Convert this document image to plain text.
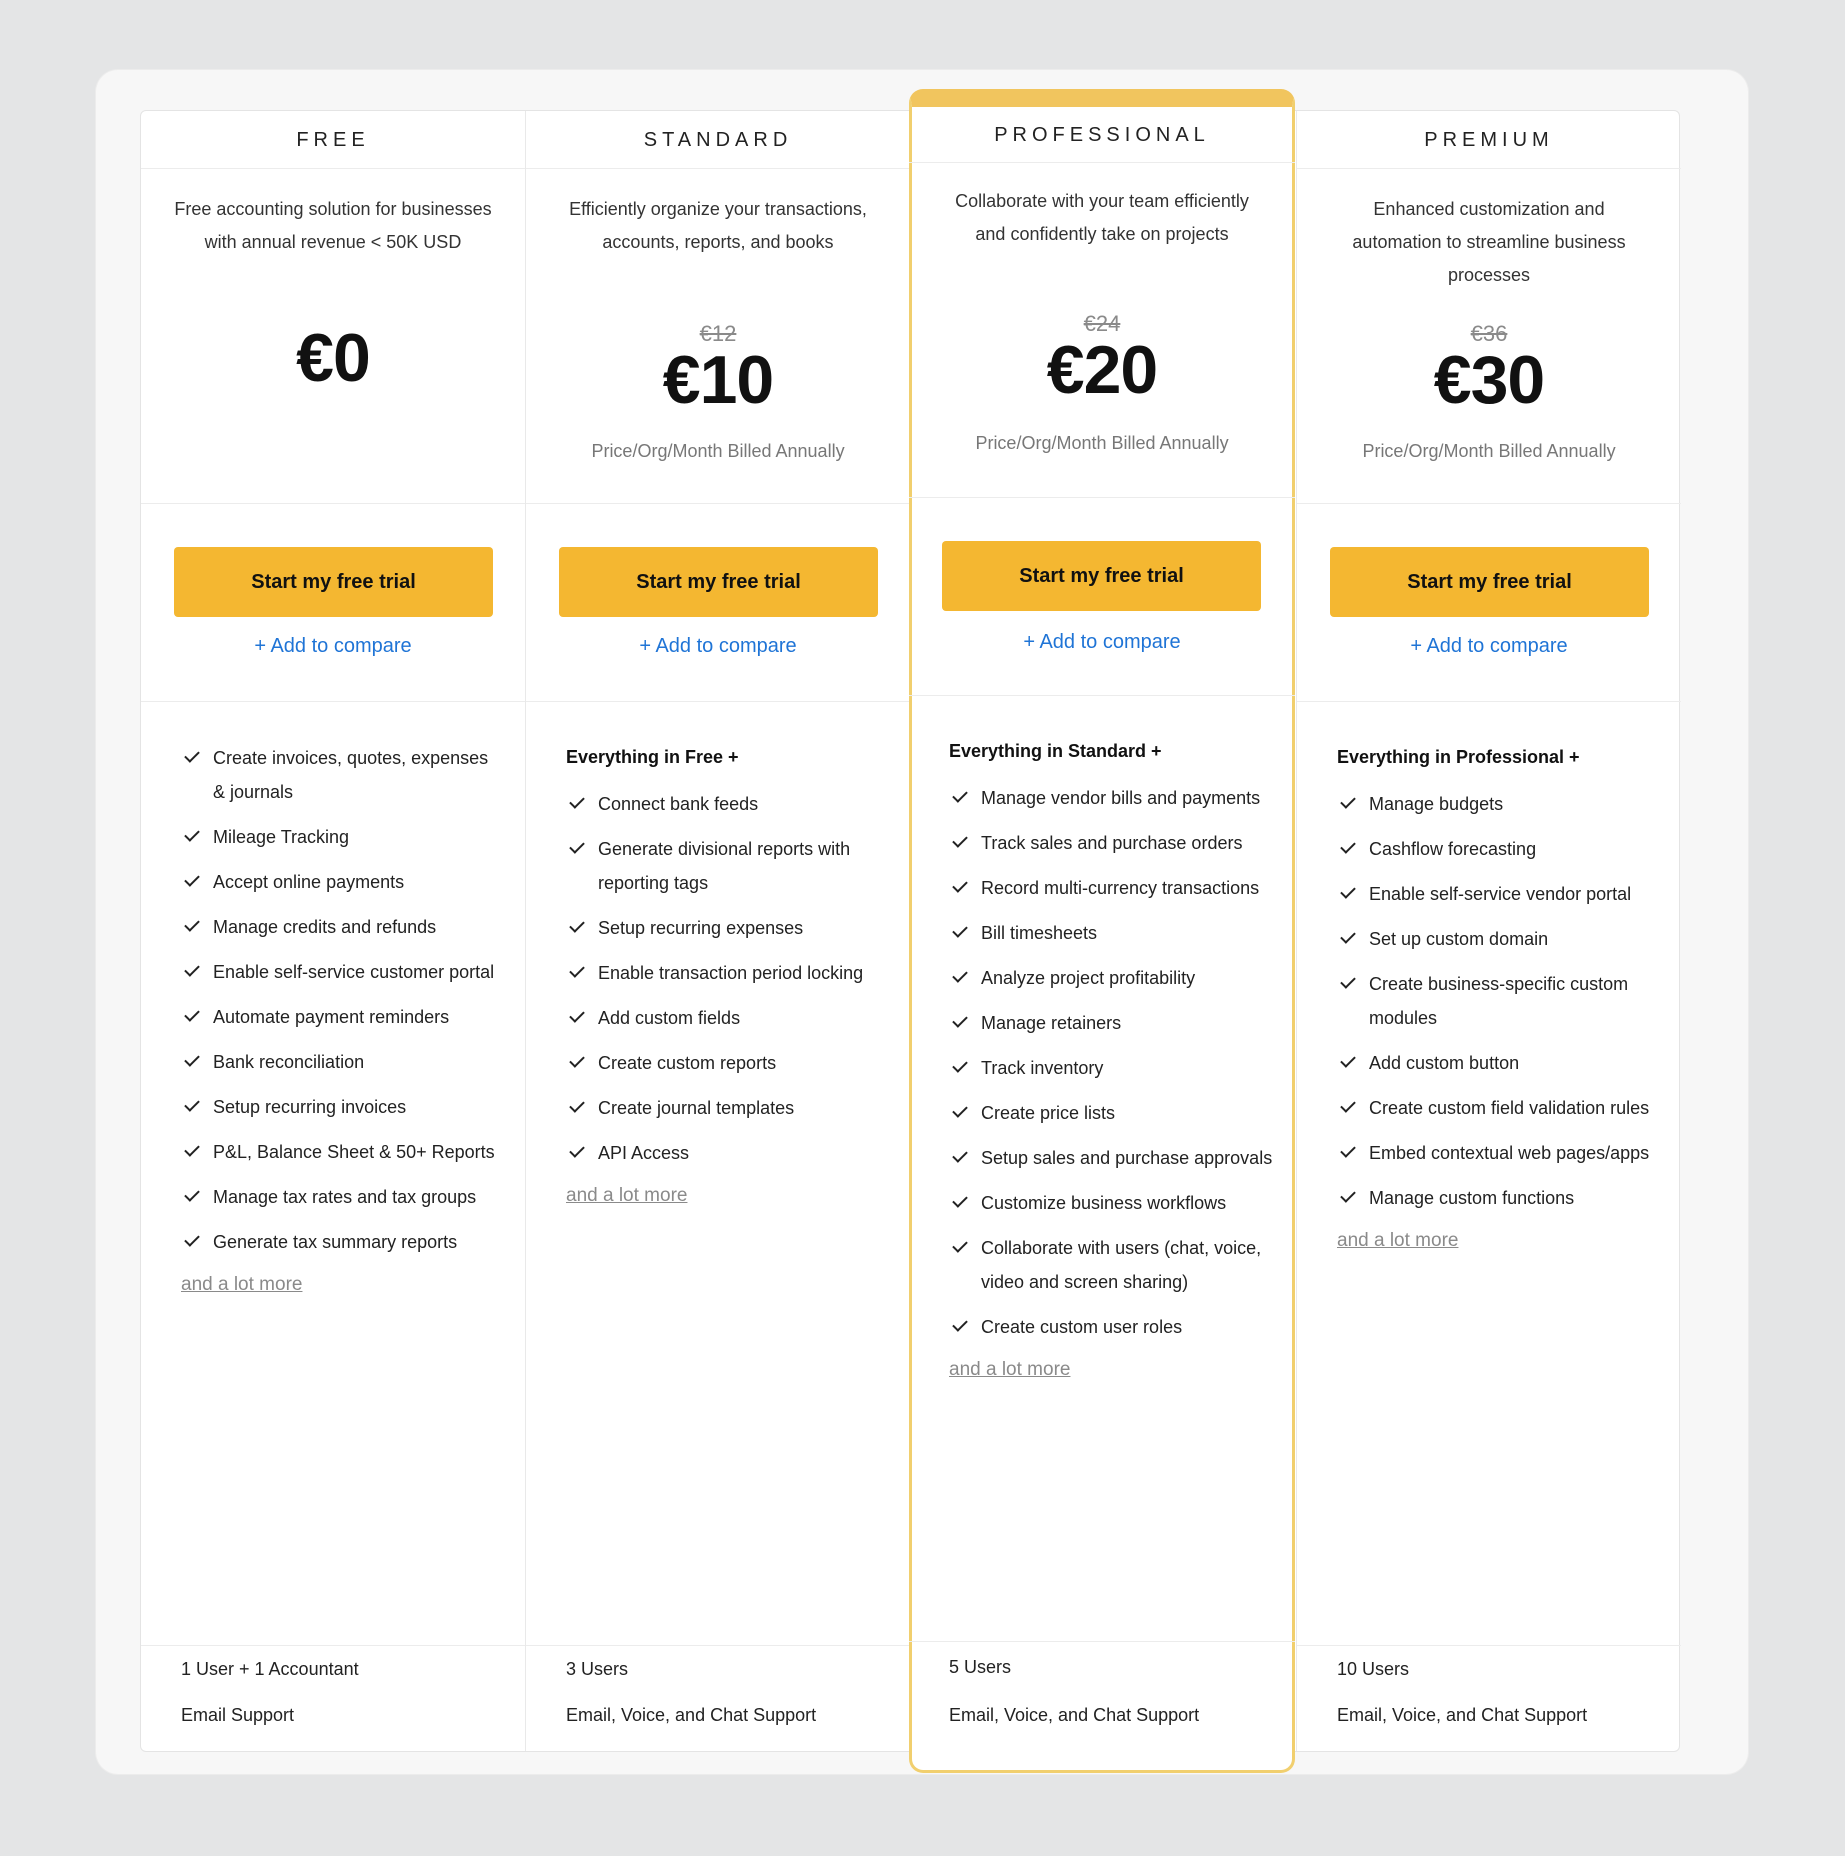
FREE
Free accounting solution for businesses with annual revenue < 50K USD
€0
Start my free trial
+ Add to compare
Create invoices, quotes, expenses & journals
Mileage Tracking
Accept online payments
Manage credits and refunds
Enable self-service customer portal
Automate payment reminders
Bank reconciliation
Setup recurring invoices
P&L, Balance Sheet & 50+ Reports
Manage tax rates and tax groups
Generate tax summary reports
and a lot more
1 User + 1 Accountant
Email Support
STANDARD
Efficiently organize your transactions, accounts, reports, and books
€12
€10
Price/Org/Month Billed Annually
Start my free trial
+ Add to compare
Everything in Free +
Connect bank feeds
Generate divisional reports with reporting tags
Setup recurring expenses
Enable transaction period locking
Add custom fields
Create custom reports
Create journal templates
API Access
and a lot more
3 Users
Email, Voice, and Chat Support
PREMIUM
Enhanced customization and automation to streamline business processes
€36
€30
Price/Org/Month Billed Annually
Start my free trial
+ Add to compare
Everything in Professional +
Manage budgets
Cashflow forecasting
Enable self-service vendor portal
Set up custom domain
Create business-specific custom modules
Add custom button
Create custom field validation rules
Embed contextual web pages/apps
Manage custom functions
and a lot more
10 Users
Email, Voice, and Chat Support
PROFESSIONAL
Collaborate with your team efficiently and confidently take on projects
€24
€20
Price/Org/Month Billed Annually
Start my free trial
+ Add to compare
Everything in Standard +
Manage vendor bills and payments
Track sales and purchase orders
Record multi-currency transactions
Bill timesheets
Analyze project profitability
Manage retainers
Track inventory
Create price lists
Setup sales and purchase approvals
Customize business workflows
Collaborate with users (chat, voice, video and screen sharing)
Create custom user roles
and a lot more
5 Users
Email, Voice, and Chat Support
